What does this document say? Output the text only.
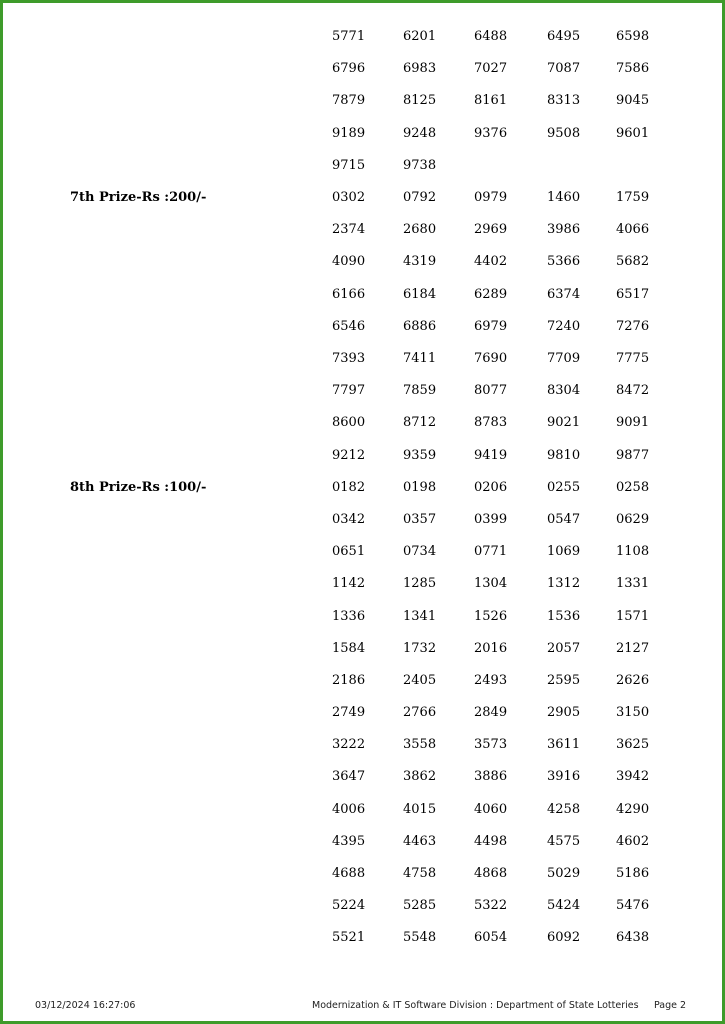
5771	6201	6488	6495	6598
6796	6983	7027	7087	7586
7879	8125	8161	8313	9045
9189	9248	9376	9508	9601
9715	9738
7th Prize-Rs :200/-	0302	0792	0979	1460	1759
2374	2680	2969	3986	4066
4090	4319	4402	5366	5682
6166	6184	6289	6374	6517
6546	6886	6979	7240	7276
7393	7411	7690	7709	7775
7797	7859	8077	8304	8472
8600	8712	8783	9021	9091
9212	9359	9419	9810	9877
8th Prize-Rs :100/-	0182	0198	0206	0255	0258
0342	0357	0399	0547	0629
0651	0734	0771	1069	1108
1142	1285	1304	1312	1331
1336	1341	1526	1536	1571
1584	1732	2016	2057	2127
2186	2405	2493	2595	2626
2749	2766	2849	2905	3150
3222	3558	3573	3611	3625
3647	3862	3886	3916	3942
4006	4015	4060	4258	4290
4395	4463	4498	4575	4602
4688	4758	4868	5029	5186
5224	5285	5322	5424	5476
5521	5548	6054	6092	6438
03/12/2024 16:27:06	Modernization & IT Software Division : Department of State Lotteries Page 2
